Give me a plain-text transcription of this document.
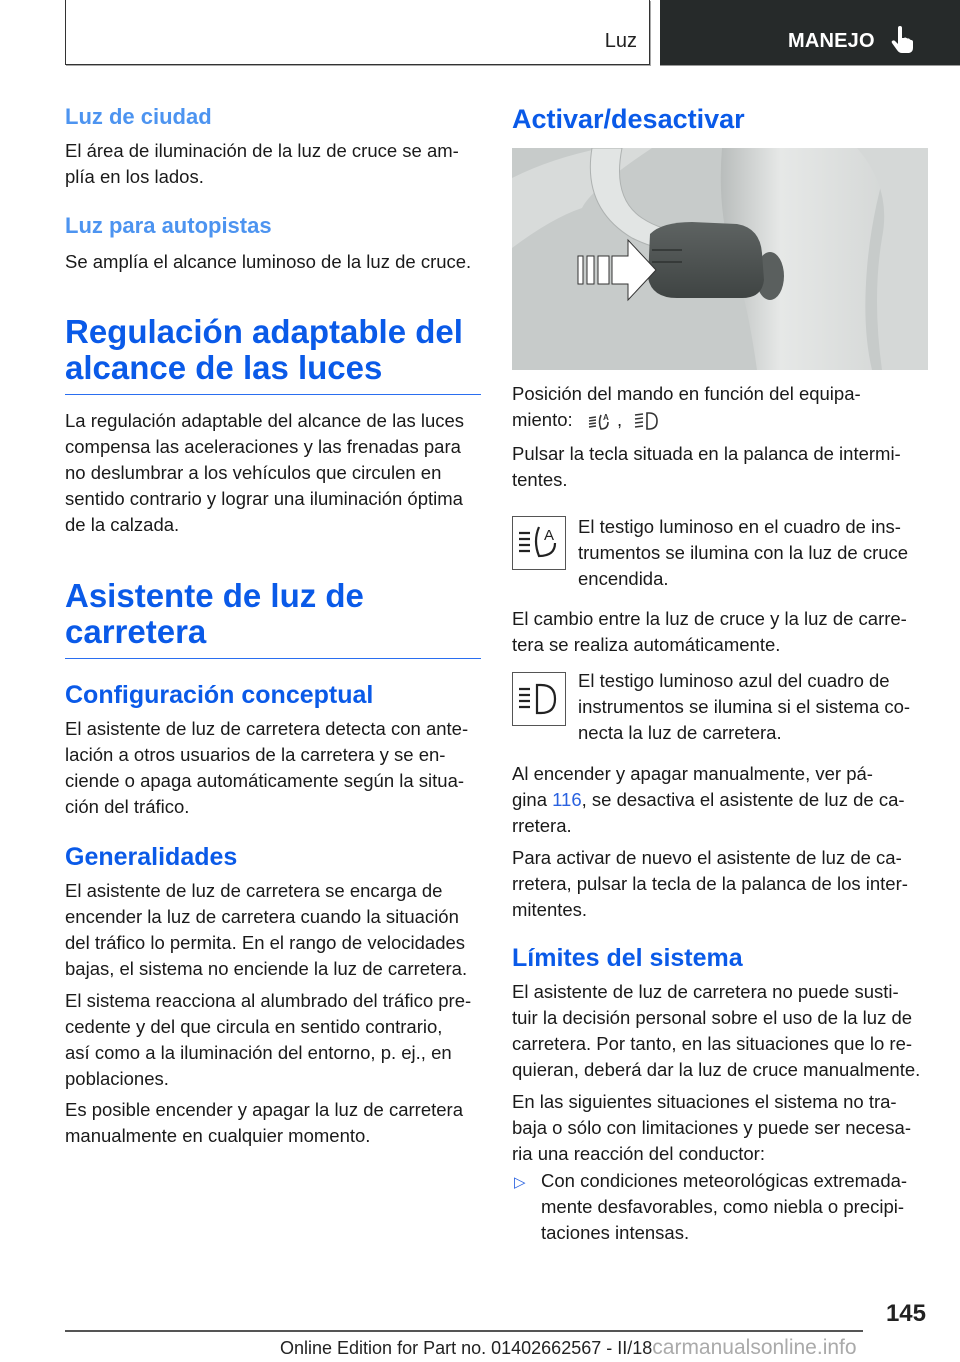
Luz	MANEJO
Luz de ciudad
El área de iluminación de la luz de cruce se am-
plía en los lados.
Luz para autopistas
Se amplía el alcance luminoso de la luz de cruce.
Regulación adaptable del
alcance de las luces
La regulación adaptable del alcance de las luces
compensa las aceleraciones y las frenadas para
no deslumbrar a los vehículos que circulen en
sentido contrario y lograr una iluminación óptima
de la calzada.
Asistente de luz de
carretera
Configuración conceptual
El asistente de luz de carretera detecta con ante-
lación a otros usuarios de la carretera y se en-
ciende o apaga automáticamente según la situa-
ción del tráfico.
Generalidades
El asistente de luz de carretera se encarga de
encender la luz de carretera cuando la situación
del tráfico lo permita. En el rango de velocidades
bajas, el sistema no enciende la luz de carretera.
El sistema reacciona al alumbrado del tráfico pre-
cedente y del que circula en sentido contrario,
así como a la iluminación del entorno, p. ej., en
poblaciones.
Es posible encender y apagar la luz de carretera
manualmente en cualquier momento.
Activar/desactivar
Posición del mando en función del equipa-
miento:	A ,
Pulsar la tecla situada en la palanca de intermi-
tentes.
A El testigo luminoso en el cuadro de ins-
trumentos se ilumina con la luz de cruce
encendida.
El cambio entre la luz de cruce y la luz de carre-
tera se realiza automáticamente.
El testigo luminoso azul del cuadro de
instrumentos se ilumina si el sistema co-
necta la luz de carretera.
Al encender y apagar manualmente, ver pá-
gina 116, se desactiva el asistente de luz de ca-
rretera.
Para activar de nuevo el asistente de luz de ca-
rretera, pulsar la tecla de la palanca de los inter-
mitentes.
Límites del sistema
El asistente de luz de carretera no puede susti-
tuir la decisión personal sobre el uso de la luz de
carretera. Por tanto, en las situaciones que lo re-
quieran, deberá dar la luz de cruce manualmente.
En las siguientes situaciones el sistema no tra-
baja o sólo con limitaciones y puede ser necesa-
ria una reacción del conductor:
▷ Con condiciones meteorológicas extremada-
mente desfavorables, como niebla o precipi-
taciones intensas.
145
Online Edition for Part no. 01402662567 - II/18carmanualsonline.info
